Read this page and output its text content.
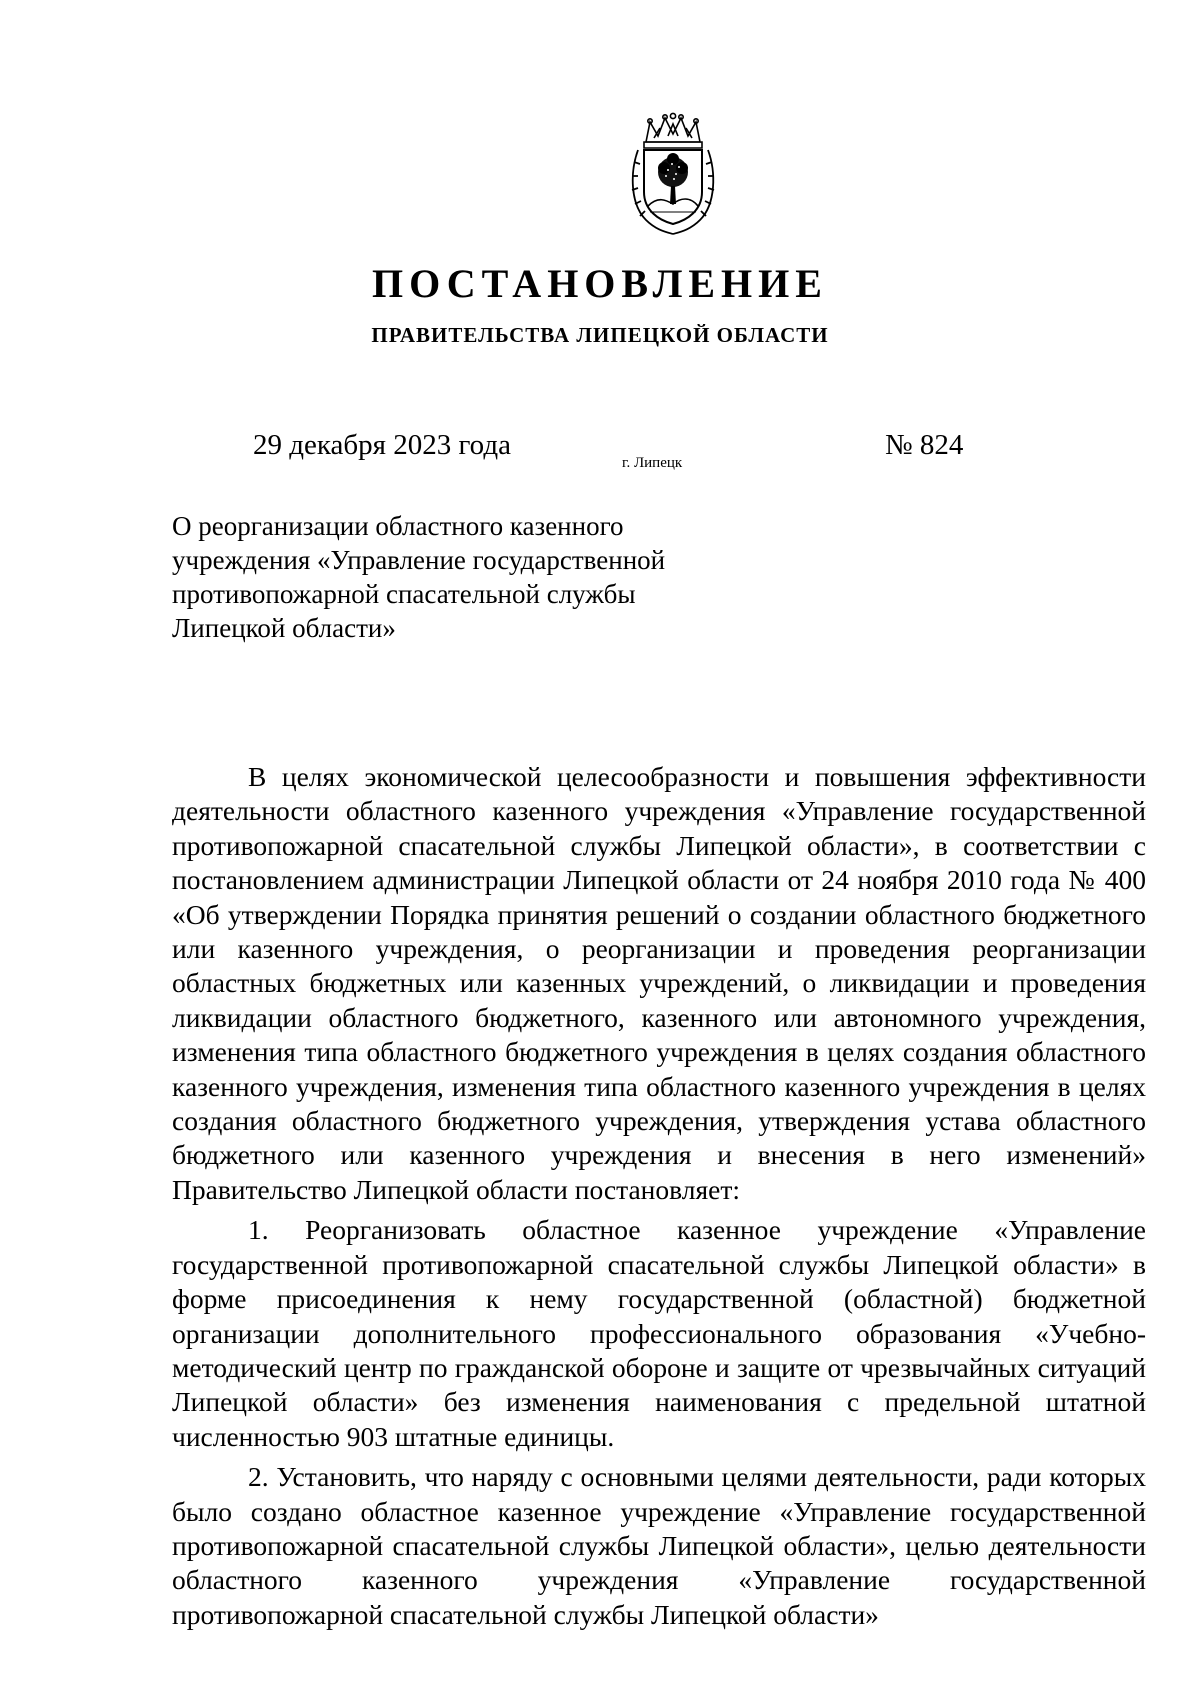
ПОСТАНОВЛЕНИЕ
ПРАВИТЕЛЬСТВА ЛИПЕЦКОЙ ОБЛАСТИ
29 декабря 2023 года
г. Липецк
№ 824
О реорганизации областного казенного
учреждения «Управление государственной
противопожарной спасательной службы
Липецкой области»

В целях экономической целесообразности и повышения эффективности деятельности областного казенного учреждения «Управление государственной противопожарной спасательной службы Липецкой области», в соответствии с постановлением администрации Липецкой области от 24 ноября 2010 года № 400 «Об утверждении Порядка принятия решений о создании областного бюджетного или казенного учреждения, о реорганизации и проведения реорганизации областных бюджетных или казенных учреждений, о ликвидации и проведения ликвидации областного бюджетного, казенного или автономного учреждения, изменения типа областного бюджетного учреждения в целях создания областного казенного учреждения, изменения типа областного казенного учреждения в целях создания областного бюджетного учреждения, утверждения устава областного бюджетного или казенного учреждения и внесения в него изменений» Правительство Липецкой области постановляет:

1. Реорганизовать областное казенное учреждение «Управление государственной противопожарной спасательной службы Липецкой области» в форме присоединения к нему государственной (областной) бюджетной организации дополнительного профессионального образования «Учебно-методический центр по гражданской обороне и защите от чрезвычайных ситуаций Липецкой области» без изменения наименования с предельной штатной численностью 903 штатные единицы.

2. Установить, что наряду с основными целями деятельности, ради которых было создано областное казенное учреждение «Управление государственной противопожарной спасательной службы Липецкой области», целью деятельности областного казенного учреждения «Управление государственной противопожарной спасательной службы Липецкой области»
